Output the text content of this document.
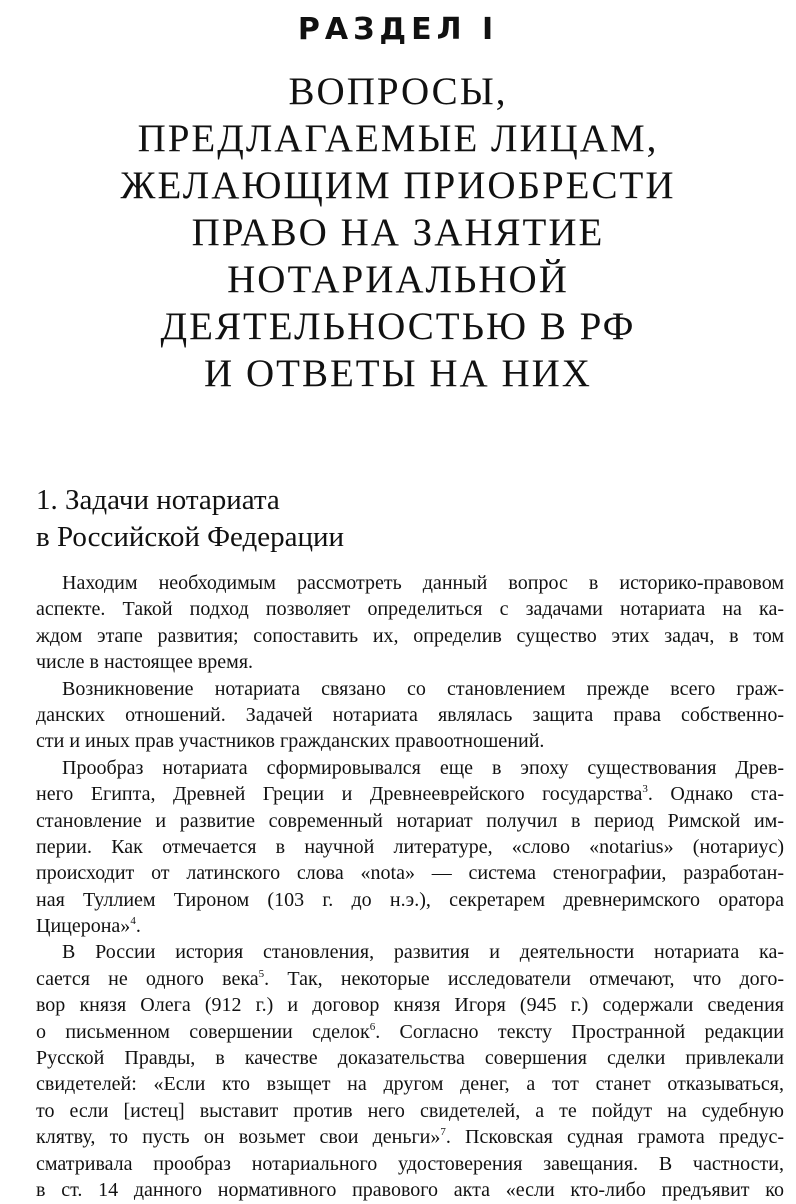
РАЗДЕЛ I
ВОПРОСЫ,
ПРЕДЛАГАЕМЫЕ ЛИЦАМ,
ЖЕЛАЮЩИМ ПРИОБРЕСТИ
ПРАВО НА ЗАНЯТИЕ
НОТАРИАЛЬНОЙ
ДЕЯТЕЛЬНОСТЬЮ В РФ
И ОТВЕТЫ НА НИХ
1. Задачи нотариата
в Российской Федерации
Находим необходимым рассмотреть данный вопрос в историко-правовом
аспекте. Такой подход позволяет определиться с задачами нотариата на ка-
ждом этапе развития; сопоставить их, определив существо этих задач, в том
числе в настоящее время.
Возникновение нотариата связано со становлением прежде всего граж-
данских отношений. Задачей нотариата являлась защита права собственно-
сти и иных прав участников гражданских правоотношений.
Прообраз нотариата сформировывался еще в эпоху существования Древ-
него Египта, Древней Греции и Древнееврейского государства$^3$. Однако ста-
становление и развитие современный нотариат получил в период Римской им-
перии. Как отмечается в научной литературе, «слово «notarius» (нотариус)
происходит от латинского слова «nota» — система стенографии, разработан-
ная Туллием Тироном (103 г. до н.э.), секретарем древнеримского оратора
Цицерона»$^4$.
В России история становления, развития и деятельности нотариата ка-
сается не одного века$^5$. Так, некоторые исследователи отмечают, что дого-
вор князя Олега (912 г.) и договор князя Игоря (945 г.) содержали сведения
о письменном совершении сделок$^6$. Согласно тексту Пространной редакции
Русской Правды, в качестве доказательства совершения сделки привлекали
свидетелей: «Если кто взыщет на другом денег, а тот станет отказываться,
то если [истец] выставит против него свидетелей, а те пойдут на судебную
клятву, то пусть он возьмет свои деньги»$^7$. Псковская судная грамота предус-
сматривала прообраз нотариального удостоверения завещания. В частности,
в ст. 14 данного нормативного правового акта «если кто-либо предъявит ко
